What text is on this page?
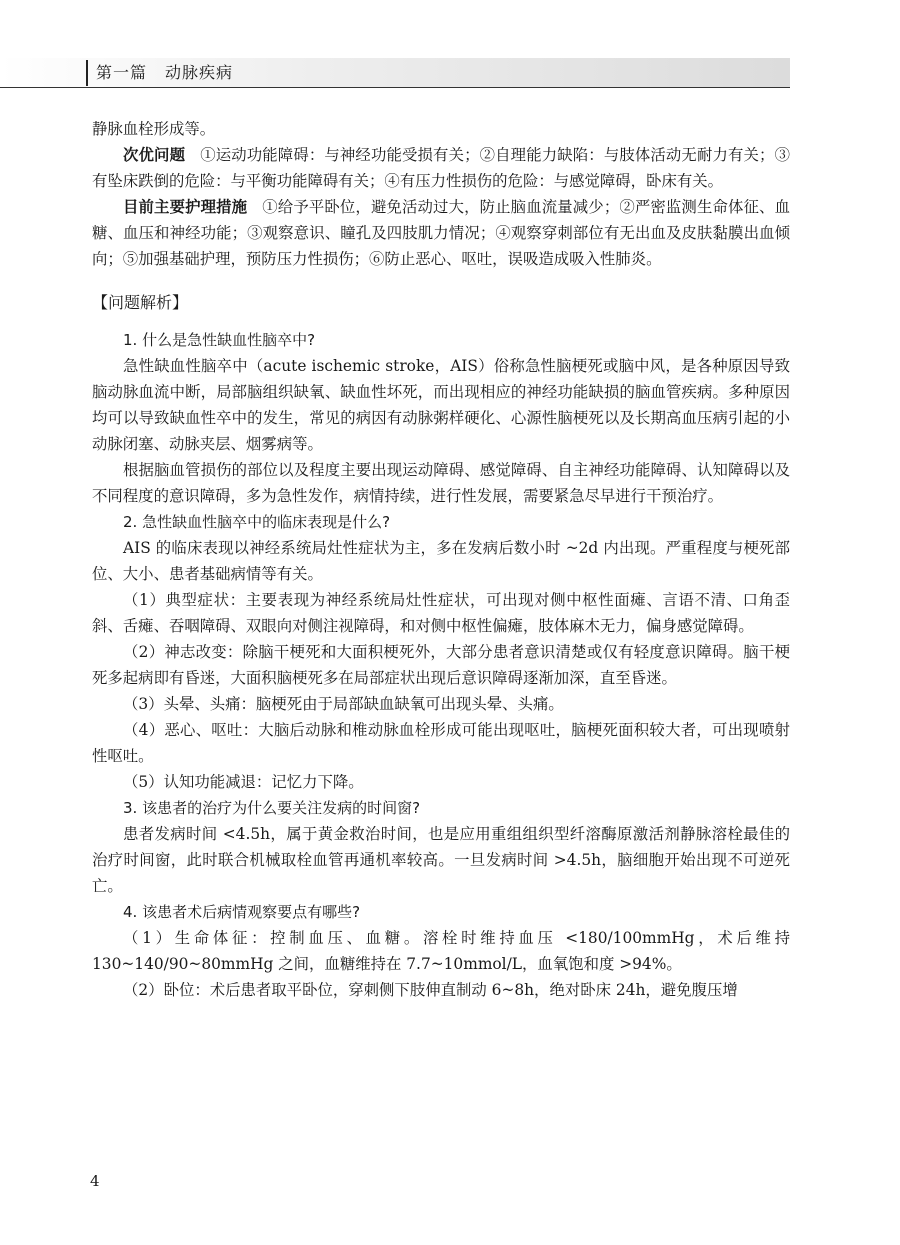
第一篇 动脉疾病

静脉血栓形成等。

次优问题 ①运动功能障碍：与神经功能受损有关；②自理能力缺陷：与肢体活动无耐力有关；③有坠床跌倒的危险：与平衡功能障碍有关；④有压力性损伤的危险：与感觉障碍，卧床有关。

目前主要护理措施 ①给予平卧位，避免活动过大，防止脑血流量减少；②严密监测生命体征、血糖、血压和神经功能；③观察意识、瞳孔及四肢肌力情况；④观察穿刺部位有无出血及皮肤黏膜出血倾向；⑤加强基础护理，预防压力性损伤；⑥防止恶心、呕吐，误吸造成吸入性肺炎。

【问题解析】

1. 什么是急性缺血性脑卒中?

急性缺血性脑卒中（acute ischemic stroke，AIS）俗称急性脑梗死或脑中风，是各种原因导致脑动脉血流中断，局部脑组织缺氧、缺血性坏死，而出现相应的神经功能缺损的脑血管疾病。多种原因均可以导致缺血性卒中的发生，常见的病因有动脉粥样硬化、心源性脑梗死以及长期高血压病引起的小动脉闭塞、动脉夹层、烟雾病等。

根据脑血管损伤的部位以及程度主要出现运动障碍、感觉障碍、自主神经功能障碍、认知障碍以及不同程度的意识障碍，多为急性发作，病情持续，进行性发展，需要紧急尽早进行干预治疗。

2. 急性缺血性脑卒中的临床表现是什么?

AIS 的临床表现以神经系统局灶性症状为主，多在发病后数小时 ~2d 内出现。严重程度与梗死部位、大小、患者基础病情等有关。

（1）典型症状：主要表现为神经系统局灶性症状，可出现对侧中枢性面瘫、言语不清、口角歪斜、舌瘫、吞咽障碍、双眼向对侧注视障碍，和对侧中枢性偏瘫，肢体麻木无力，偏身感觉障碍。

（2）神志改变：除脑干梗死和大面积梗死外，大部分患者意识清楚或仅有轻度意识障碍。脑干梗死多起病即有昏迷，大面积脑梗死多在局部症状出现后意识障碍逐渐加深，直至昏迷。

（3）头晕、头痛：脑梗死由于局部缺血缺氧可出现头晕、头痛。

（4）恶心、呕吐：大脑后动脉和椎动脉血栓形成可能出现呕吐，脑梗死面积较大者，可出现喷射性呕吐。

（5）认知功能减退：记忆力下降。

3. 该患者的治疗为什么要关注发病的时间窗?

患者发病时间 <4.5h，属于黄金救治时间，也是应用重组组织型纤溶酶原激活剂静脉溶栓最佳的治疗时间窗，此时联合机械取栓血管再通机率较高。一旦发病时间 >4.5h，脑细胞开始出现不可逆死亡。

4. 该患者术后病情观察要点有哪些?

（1）生命体征：控制血压、血糖。溶栓时维持血压 <180/100mmHg，术后维持 130~140/90~80mmHg 之间，血糖维持在 7.7~10mmol/L，血氧饱和度 >94%。

（2）卧位：术后患者取平卧位，穿刺侧下肢伸直制动 6~8h，绝对卧床 24h，避免腹压增

4
